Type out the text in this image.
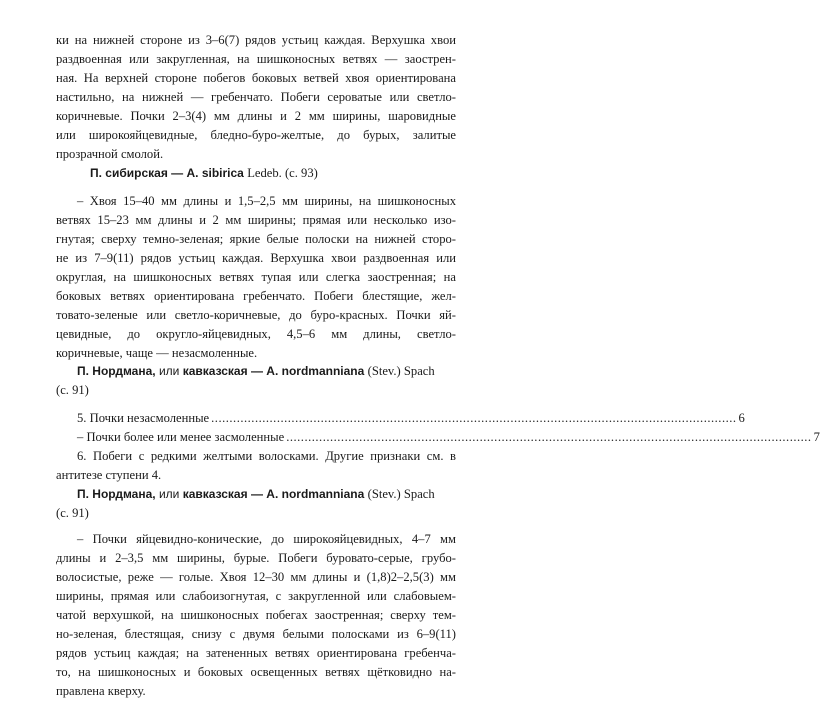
ки на нижней стороне из 3–6(7) рядов устьиц каждая. Верхушка хвои
раздвоенная или закругленная, на шишконосных ветвях — заострен-
ная. На верхней стороне побегов боковых ветвей хвоя ориентирована
настильно, на нижней — гребенчато. Побеги сероватые или светло-
коричневые. Почки 2–3(4) мм длины и 2 мм ширины, шаровидные
или широкояйцевидные, бледно-буро-желтые, до бурых, залитые
прозрачной смолой.
П. сибирская — A. sibirica Ledeb. (с. 93)
– Хвоя 15–40 мм длины и 1,5–2,5 мм ширины, на шишконосных
ветвях 15–23 мм длины и 2 мм ширины; прямая или несколько изо-
гнутая; сверху темно-зеленая; яркие белые полоски на нижней сторо-
не из 7–9(11) рядов устьиц каждая. Верхушка хвои раздвоенная или
округлая, на шишконосных ветвях тупая или слегка заостренная; на
боковых ветвях ориентирована гребенчато. Побеги блестящие, жел-
товато-зеленые или светло-коричневые, до буро-красных. Почки яй-
цевидные, до округло-яйцевидных, 4,5–6 мм длины, светло-
коричневые, чаще — незасмоленные.
П. Нордмана, или кавказская — A. nordmanniana (Stev.) Spach
(с. 91)
5. Почки незасмоленные ................................................................................................................................................ 6
– Почки более или менее засмоленные ................................................................................................................................................ 7
6. Побеги с редкими желтыми волосками. Другие признаки см. в
антитезе ступени 4.
П. Нордмана, или кавказская — A. nordmanniana (Stev.) Spach
(с. 91)
– Почки яйцевидно-конические, до широкояйцевидных, 4–7 мм
длины и 2–3,5 мм ширины, бурые. Побеги буровато-серые, грубо-
волосистые, реже — голые. Хвоя 12–30 мм длины и (1,8)2–2,5(3) мм
ширины, прямая или слабоизогнутая, с закругленной или слабовыем-
чатой верхушкой, на шишконосных побегах заостренная; сверху тем-
но-зеленая, блестящая, снизу с двумя белыми полосками из 6–9(11)
рядов устьиц каждая; на затененных ветвях ориентирована гребенча-
то, на шишконосных и боковых освещенных ветвях щётковидно на-
правлена кверху.
